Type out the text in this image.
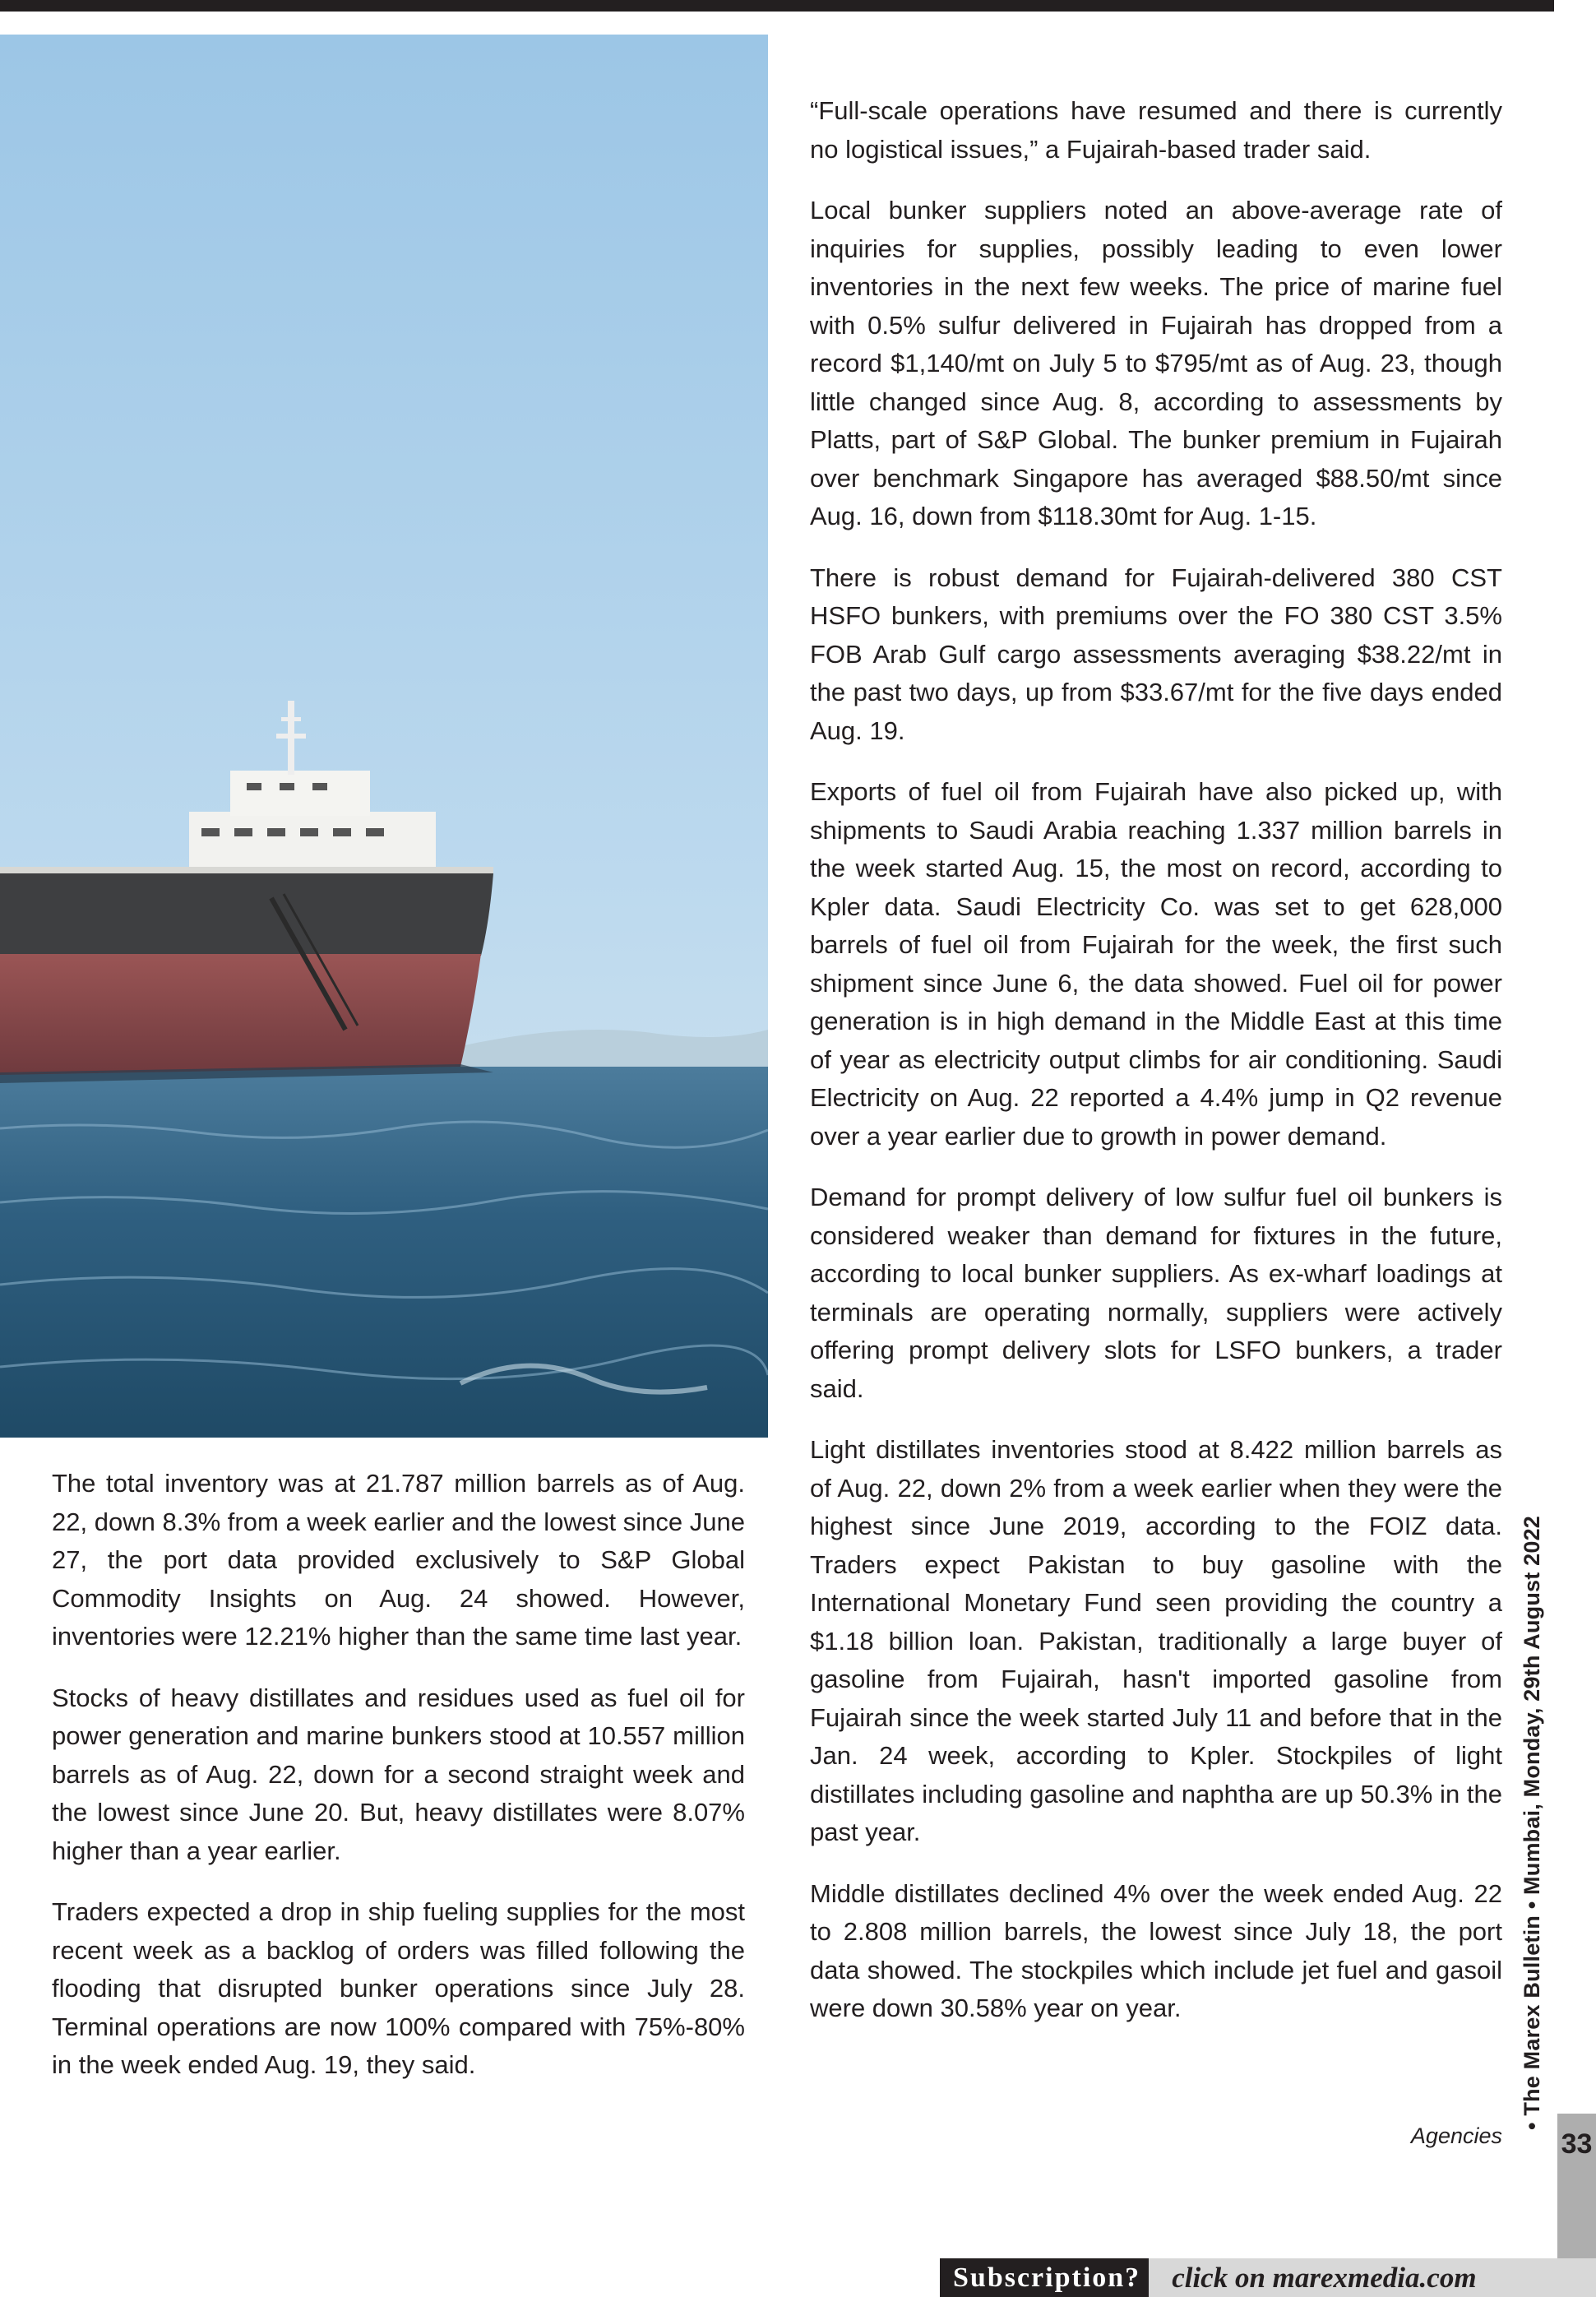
The total inventory was at 21.787 million barrels as of Aug. 22, down 8.3% from a week earlier and the lowest since June 27, the port data provided exclusively to S&P Global Commodity Insights on Aug. 24 showed. However, inventories were 12.21% higher than the same time last year.

Stocks of heavy distillates and residues used as fuel oil for power generation and marine bunkers stood at 10.557 million barrels as of Aug. 22, down for a second straight week and the lowest since June 20. But, heavy distillates were 8.07% higher than a year earlier.

Traders expected a drop in ship fueling supplies for the most recent week as a backlog of orders was filled following the flooding that disrupted bunker operations since July 28. Terminal operations are now 100% compared with 75%-80% in the week ended Aug. 19, they said.

“Full-scale operations have resumed and there is currently no logistical issues,” a Fujairah-based trader said.

Local bunker suppliers noted an above-average rate of inquiries for supplies, possibly leading to even lower inventories in the next few weeks. The price of marine fuel with 0.5% sulfur delivered in Fujairah has dropped from a record $1,140/mt on July 5 to $795/mt as of Aug. 23, though little changed since Aug. 8, according to assessments by Platts, part of S&P Global. The bunker premium in Fujairah over benchmark Singapore has averaged $88.50/mt since Aug. 16, down from $118.30mt for Aug. 1-15.

There is robust demand for Fujairah-delivered 380 CST HSFO bunkers, with premiums over the FO 380 CST 3.5% FOB Arab Gulf cargo assessments averaging $38.22/mt in the past two days, up from $33.67/mt for the five days ended Aug. 19.

Exports of fuel oil from Fujairah have also picked up, with shipments to Saudi Arabia reaching 1.337 million barrels in the week started Aug. 15, the most on record, according to Kpler data. Saudi Electricity Co. was set to get 628,000 barrels of fuel oil from Fujairah for the week, the first such shipment since June 6, the data showed. Fuel oil for power generation is in high demand in the Middle East at this time of year as electricity output climbs for air conditioning. Saudi Electricity on Aug. 22 reported a 4.4% jump in Q2 revenue over a year earlier due to growth in power demand.

Demand for prompt delivery of low sulfur fuel oil bunkers is considered weaker than demand for fixtures in the future, according to local bunker suppliers. As ex-wharf loadings at terminals are operating normally, suppliers were actively offering prompt delivery slots for LSFO bunkers, a trader said.

Light distillates inventories stood at 8.422 million barrels as of Aug. 22, down 2% from a week earlier when they were the highest since June 2019, according to the FOIZ data. Traders expect Pakistan to buy gasoline with the International Monetary Fund seen providing the country a $1.18 billion loan. Pakistan, traditionally a large buyer of gasoline from Fujairah, hasn't imported gasoline from Fujairah since the week started July 11 and before that in the Jan. 24 week, according to Kpler. Stockpiles of light distillates including gasoline and naphtha are up 50.3% in the past year.

Middle distillates declined 4% over the week ended Aug. 22 to 2.808 million barrels, the lowest since July 18, the port data showed. The stockpiles which include jet fuel and gasoil were down 30.58% year on year.

Agencies
• The Marex Bulletin • Mumbai, Monday, 29th August 2022
33
Subscription?	click on marexmedia.com
